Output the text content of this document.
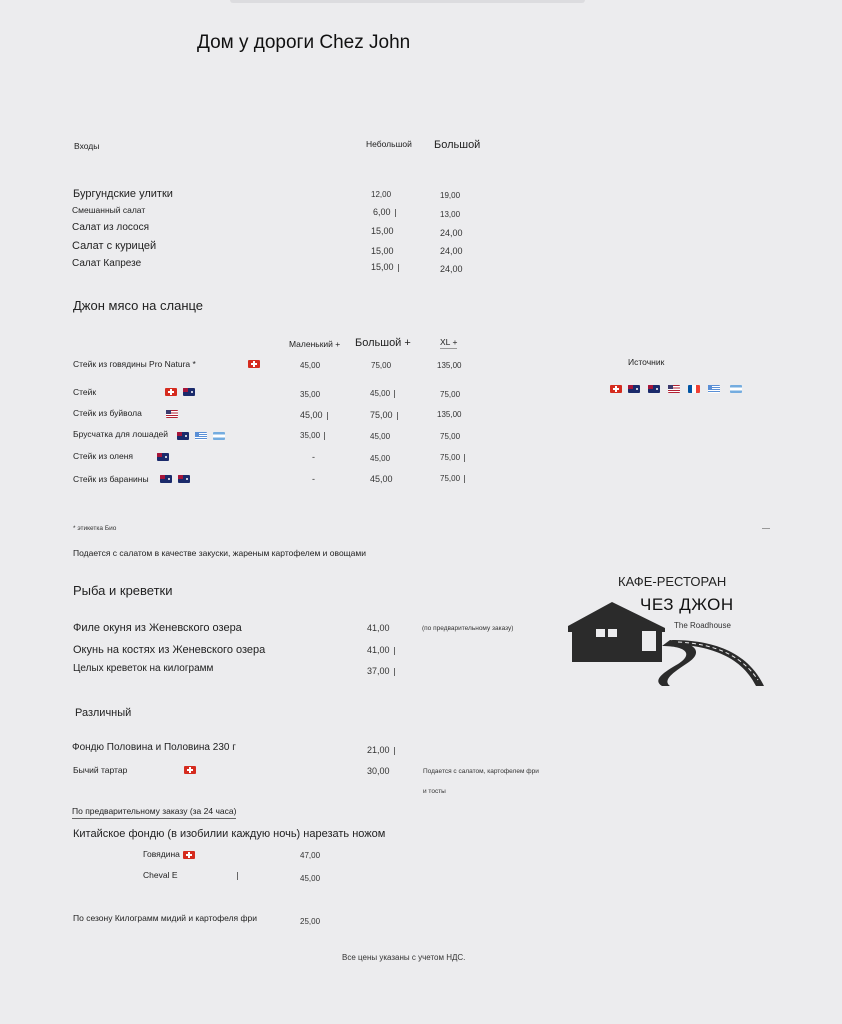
Дом у дороги Chez John
Входы	Небольшой Большой
Бургундские улитки	12,00	19,00
Смешанный салат	6,00	13,00
Салат из лосося	15,00	24,00
Салат с курицей	15,00	24,00
Салат Капрезе	15,00	24,00
Джон мясо на сланце
Маленький + Большой +	XL +
Источник
Стейк из говядины Pro Natura *	45,00	75,00	135,00
Стейк	35,00	45,00	75,00
Стейк из буйвола	45,00	75,00	135,00
Брусчатка для лошадей	35,00	45,00	75,00
Стейк из оленя	-	45,00	75,00
Стейк из баранины	-	45,00	75,00
* этикетка Био
Подается с салатом в качестве закуски, жареным картофелем и овощами
Рыба и креветки
Филе окуня из Женевского озера	41,00	(по предварительному заказу)
Окунь на костях из Женевского озера	41,00
Целых креветок на килограмм	37,00
КАФЕ-РЕСТОРАН
ЧЕЗ ДЖОН
The Roadhouse
Различный
Фондю Половина и Половина 230 г	21,00
Бычий тартар	30,00	Подается с салатом, картофелем фри
и тосты
По предварительному заказу (за 24 часа)
Китайское фондю (в изобилии каждую ночь) нарезать ножом
Говядина	47,00
Cheval E	45,00
По сезону Килограмм мидий и картофеля фри	25,00
Все цены указаны с учетом НДС.
